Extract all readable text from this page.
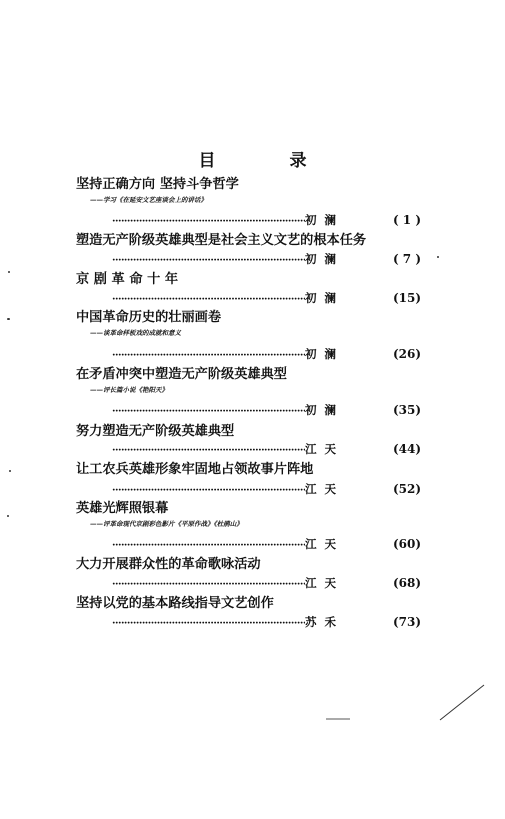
目 录
坚持正确方向 坚持斗争哲学
——学习《在延安文艺座谈会上的讲话》
·····
初 澜	( 1 )
塑造无产阶级英雄典型是社会主义文艺的根本任务
·····
初 澜	( 7 )
京 剧 革 命 十 年
·····
初 澜	(15)
中国革命历史的壮丽画卷
——谈革命样板戏的成就和意义
·····
初 澜	(26)
在矛盾冲突中塑造无产阶级英雄典型
——评长篇小说《艳阳天》
·····
初 澜	(35)
努力塑造无产阶级英雄典型
·····
江 天	(44)
让工农兵英雄形象牢固地占领故事片阵地
·····
江 天	(52)
英雄光辉照银幕
——评革命现代京剧彩色影片《平原作战》《杜鹃山》
·····
江 天	(60)
大力开展群众性的革命歌咏活动
·····
江 天	(68)
坚持以党的基本路线指导文艺创作
·····
苏 禾	(73)
